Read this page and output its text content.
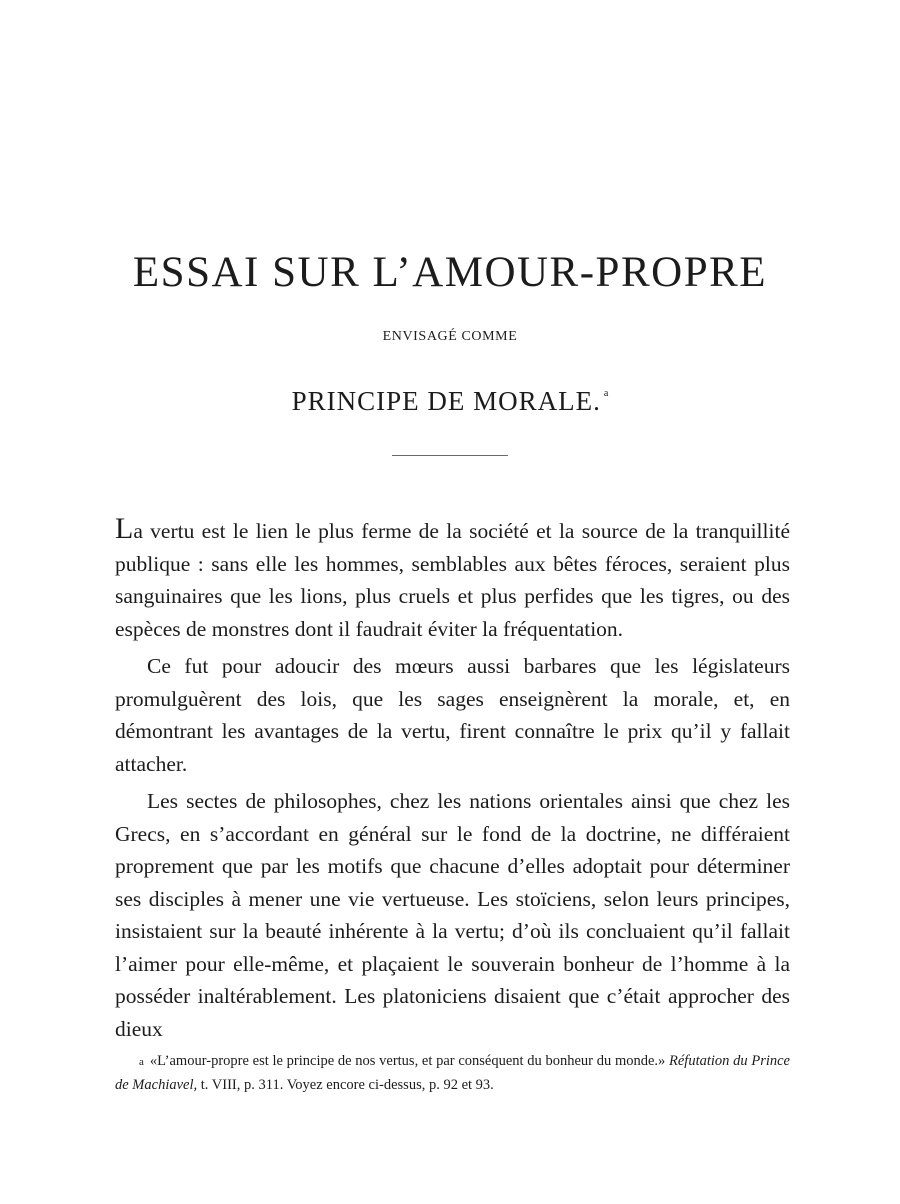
ESSAI SUR L’AMOUR-PROPRE
ENVISAGÉ COMME
PRINCIPE DE MORALE. $^a$

La vertu est le lien le plus ferme de la société et la source de la tranquillité publique : sans elle les hommes, semblables aux bêtes féroces, seraient plus sanguinaires que les lions, plus cruels et plus perfides que les tigres, ou des espèces de monstres dont il faudrait éviter la fréquentation.

Ce fut pour adoucir des mœurs aussi barbares que les législateurs promulguèrent des lois, que les sages enseignèrent la morale, et, en démontrant les avantages de la vertu, firent connaître le prix qu’il y fallait attacher.

Les sectes de philosophes, chez les nations orientales ainsi que chez les Grecs, en s’accordant en général sur le fond de la doctrine, ne différaient proprement que par les motifs que chacune d’elles adoptait pour déterminer ses disciples à mener une vie vertueuse. Les stoïciens, selon leurs principes, insistaient sur la beauté inhérente à la vertu; d’où ils concluaient qu’il fallait l’aimer pour elle-même, et plaçaient le souverain bonheur de l’homme à la posséder inaltérablement. Les platoniciens disaient que c’était approcher des dieux

a «L’amour-propre est le principe de nos vertus, et par conséquent du bonheur du monde.» Réfutation du Prince de Machiavel, t. VIII, p. 311. Voyez encore ci-dessus, p. 92 et 93.
